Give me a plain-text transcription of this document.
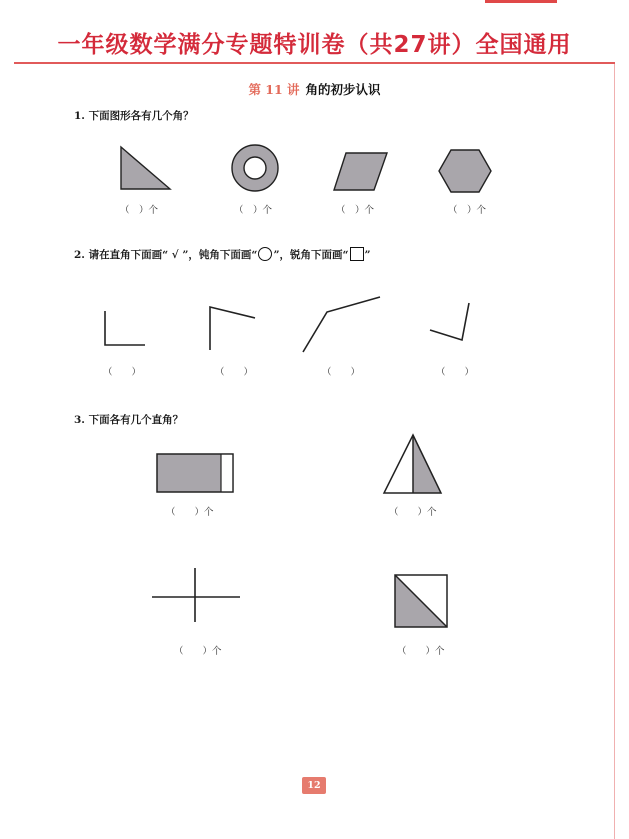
一年级数学满分专题特训卷（共27讲）全国通用
第 11 讲 角的初步认识
1. 下面图形各有几个角？
（　）个	（　）个	（　）个	（　）个
2. 请在直角下面画“ √ ”，钝角下面画“ ”，锐角下面画“ ”
（　　）	（　　）	（　　）	（　　）
3. 下面各有几个直角？
（　　）个	（　　）个
（　　）个	（　　）个
12
